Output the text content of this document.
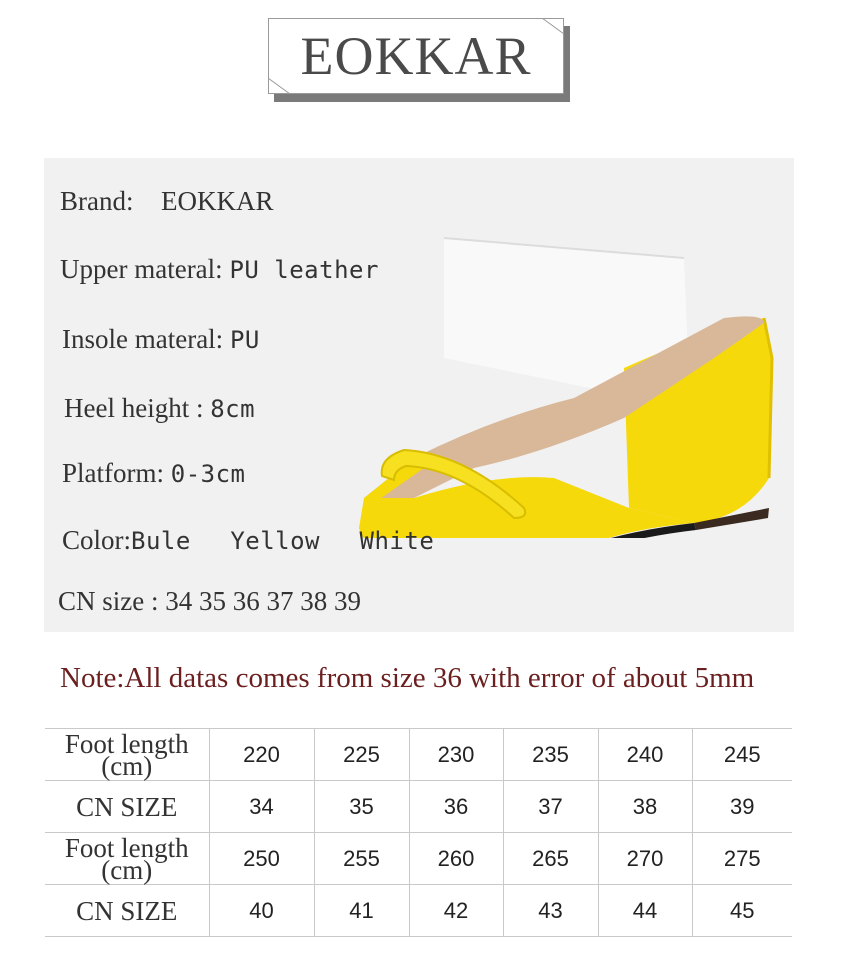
EOKKAR
Brand: EOKKAR
Upper materal: PU leather
Insole materal: PU
Heel height : 8cm
Platform: 0-3cm
Color:Bule Yellow White
CN size : 34 35 36 37 38 39
Note:All datas comes from size 36 with error of about 5mm
Foot length
(cm)	220	225	230	235	240	245
CN SIZE	34	35	36	37	38	39
Foot length
(cm)	250	255	260	265	270	275
CN SIZE	40	41	42	43	44	45
